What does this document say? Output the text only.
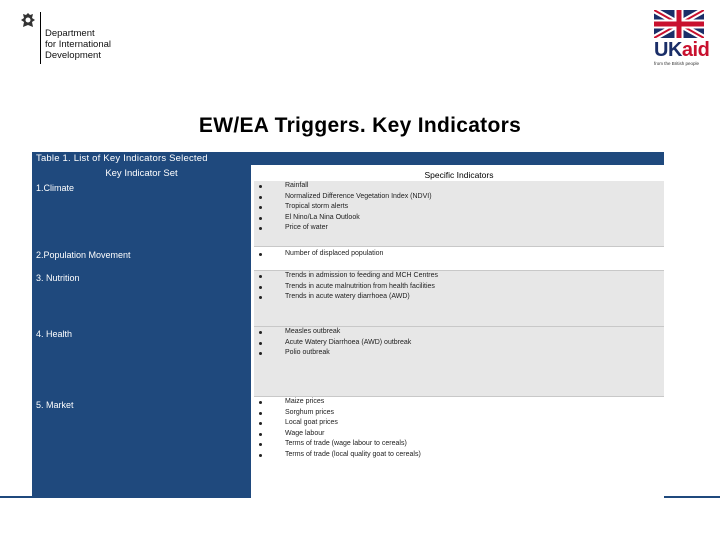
Department
for International
Development	UKaid
from the British people
EW/EA Triggers. Key Indicators
Table 1. List of Key Indicators Selected
Key Indicator Set	Specific Indicators
1.Climate
2.Population Movement
3. Nutrition
4. Health
5. Market
Rainfall
Normalized Difference Vegetation Index (NDVI)
Tropical storm alerts
El Nino/La Nina Outlook
Price of water
Number of displaced population
Trends in admission to feeding and MCH Centres
Trends in acute malnutrition from health facilities
Trends in acute watery diarrhoea (AWD)
Measles outbreak
Acute Watery Diarrhoea (AWD) outbreak
Polio outbreak
Maize prices
Sorghum prices
Local goat prices
Wage labour
Terms of trade (wage labour to cereals)
Terms of trade (local quality goat to cereals)
